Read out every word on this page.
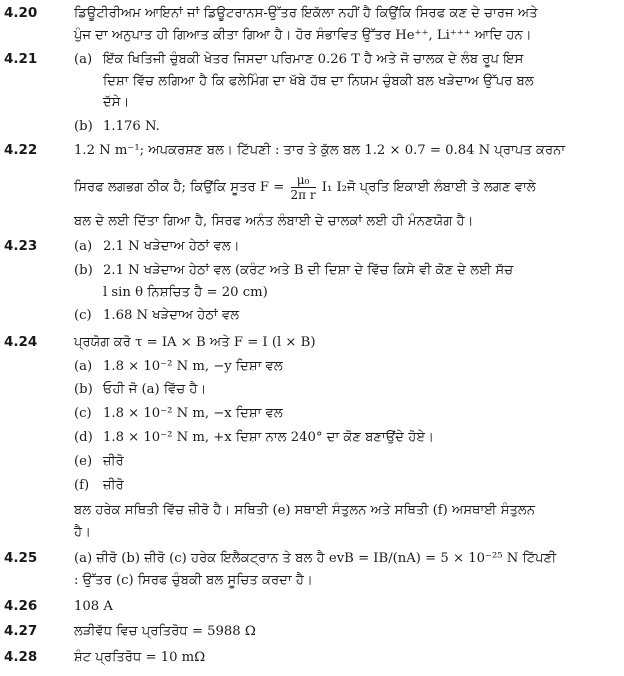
4.20	ਡਿਊਟੀਰੀਅਮ ਆਇਨਾਂ ਜਾਂ ਡਿਊਟਰਾਨਸ-ਉੱਤਰ ਇਕੱਲਾ ਨਹੀਂ ਹੈ ਕਿਉਂਕਿ ਸਿਰਫ ਕਣ ਦੇ ਚਾਰਜ ਅਤੇ
ਪੁੰਜ ਦਾ ਅਨੁਪਾਤ ਹੀ ਗਿਆਤ ਕੀਤਾ ਗਿਆ ਹੈ। ਹੋਰ ਸੰਭਾਵਿਤ ਉੱਤਰ He⁺⁺, Li⁺⁺⁺ ਆਦਿ ਹਨ।
4.21	(a) ਇੱਕ ਖਿਤਿਜੀ ਚੁੰਬਕੀ ਖੇਤਰ ਜਿਸਦਾ ਪਰਿਮਾਣ 0.26 T ਹੈ ਅਤੇ ਜੋ ਚਾਲਕ ਦੇ ਲੰਬ ਰੂਪ ਇਸ
ਦਿਸ਼ਾ ਵਿੱਚ ਲਗਿਆ ਹੈ ਕਿ ਫਲੇਮਿੰਗ ਦਾ ਖੱਬੇ ਹੱਥ ਦਾ ਨਿਯਮ ਚੁੰਬਕੀ ਬਲ ਖੜੇਦਾਅ ਉੱਪਰ ਬਲ
ਦੱਸੇ।
(b) 1.176 N.
4.22	1.2 N m⁻¹; ਅਪਕਰਸ਼ਣ ਬਲ। ਟਿੱਪਣੀ : ਤਾਰ ਤੇ ਕੁੱਲ ਬਲ 1.2 × 0.7 = 0.84 N ਪ੍ਰਾਪਤ ਕਰਨਾ
ਸਿਰਫ ਲਗਭਗ ਠੀਕ ਹੈ; ਕਿਉਂਕਿ ਸੂਤਰ $F = \frac{\text{μ₀}}{\text{2π r}} I_1$ I₂ਜੋ ਪ੍ਰਤਿ ਇਕਾਈ ਲੰਬਾਈ ਤੇ ਲਗਣ ਵਾਲੇ
ਬਲ ਦੇ ਲਈ ਦਿੱਤਾ ਗਿਆ ਹੈ, ਸਿਰਫ ਅਨੰਤ ਲੰਬਾਈ ਦੇ ਚਾਲਕਾਂ ਲਈ ਹੀ ਮੰਨਣਯੋਗ ਹੈ।
4.23	(a) 2.1 N ਖੜੇਦਾਅ ਹੇਠਾਂ ਵਲ।
(b) 2.1 N ਖੜੇਦਾਅ ਹੇਠਾਂ ਵਲ (ਕਰੰਟ ਅਤੇ B ਦੀ ਦਿਸ਼ਾ ਦੇ ਵਿੱਚ ਕਿਸੇ ਵੀ ਕੋਣ ਦੇ ਲਈ ਸੱਚ
l sin θ ਨਿਸ਼ਚਿਤ ਹੈ = 20 cm)
(c) 1.68 N ਖੜੇਦਾਅ ਹੇਠਾਂ ਵਲ
4.24	ਪ੍ਰਯੋਗ ਕਰੋ τ = IA × B ਅਤੇ F = I (l × B)
(a) 1.8 × 10⁻² N m, −y ਦਿਸ਼ਾ ਵਲ
(b) ਓਹੀ ਜੋ (a) ਵਿੱਚ ਹੈ।
(c) 1.8 × 10⁻² N m, −x ਦਿਸ਼ਾ ਵਲ
(d) 1.8 × 10⁻² N m, +x ਦਿਸ਼ਾ ਨਾਲ 240° ਦਾ ਕੋਣ ਬਣਾਉਂਦੇ ਹੋਏ।
(e) ਜ਼ੀਰੋ
(f) ਜ਼ੀਰੋ
ਬਲ ਹਰੇਕ ਸਥਿਤੀ ਵਿੱਚ ਜ਼ੀਰੋ ਹੈ। ਸਥਿਤੀ (e) ਸਥਾਈ ਸੰਤੁਲਨ ਅਤੇ ਸਥਿਤੀ (f) ਅਸਥਾਈ ਸੰਤੁਲਨ
ਹੈ।
4.25	(a) ਜ਼ੀਰੋ (b) ਜ਼ੀਰੋ (c) ਹਰੇਕ ਇਲੈਕਟ੍ਰਾਨ ਤੇ ਬਲ ਹੈ evB = IB/(nA) = 5 × 10⁻²⁵ N ਟਿੱਪਣੀ
: ਉੱਤਰ (c) ਸਿਰਫ ਚੁੰਬਕੀ ਬਲ ਸੂਚਿਤ ਕਰਦਾ ਹੈ।
4.26	108 A
4.27	ਲੜੀਵੱਧ ਵਿਚ ਪ੍ਰਤਿਰੋਧ = 5988 Ω
4.28	ਸ਼ੰਟ ਪ੍ਰਤਿਰੋਧ = 10 mΩ
